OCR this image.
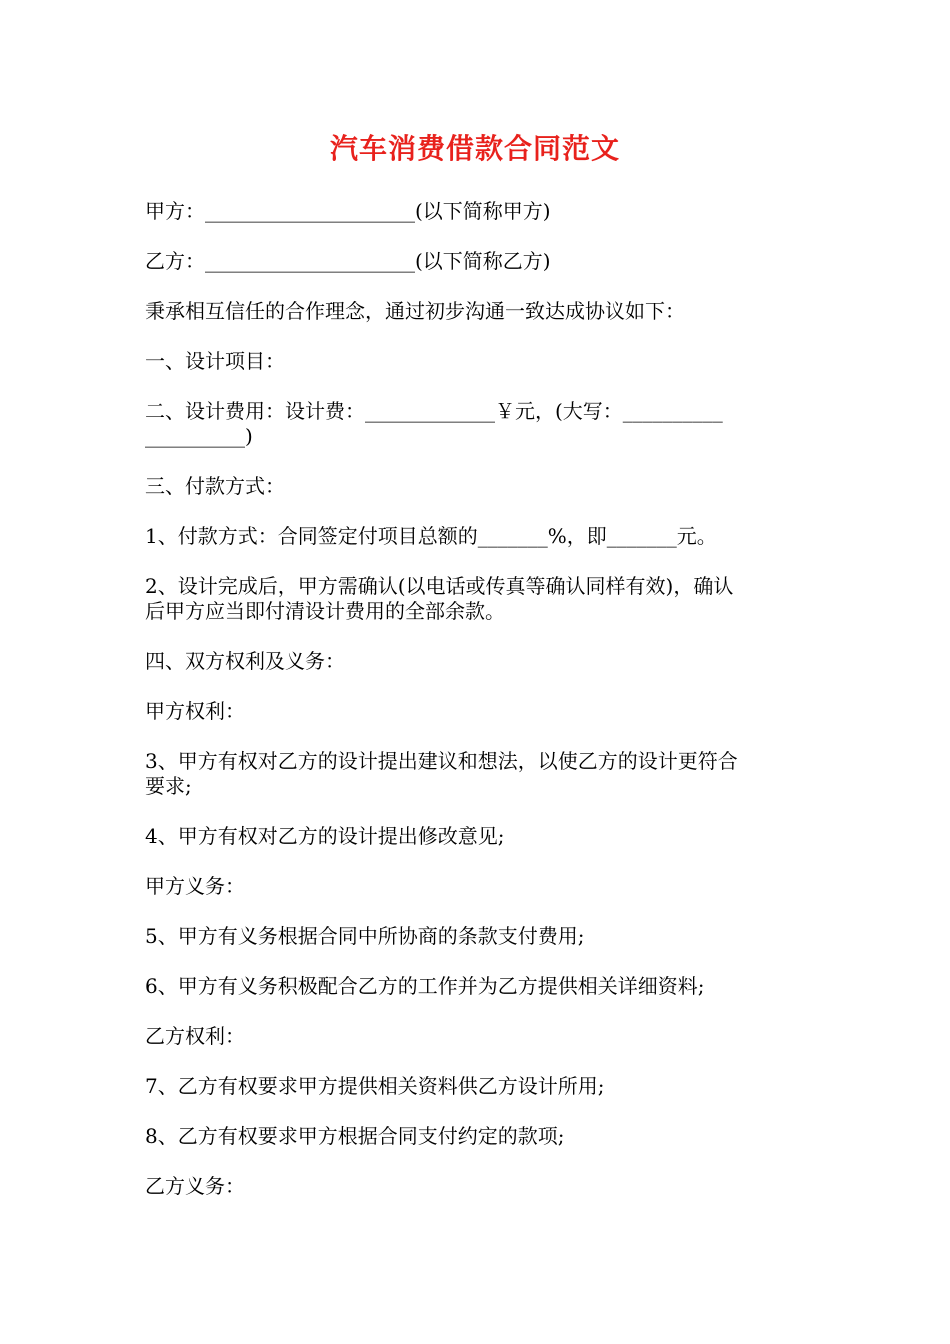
汽车消费借款合同范文
甲方：_____________________(以下简称甲方)
乙方：_____________________(以下简称乙方)
秉承相互信任的合作理念，通过初步沟通一致达成协议如下：
一、设计项目：
二、设计费用：设计费：_____________￥元，(大写：__________
__________)
三、付款方式：
1、付款方式：合同签定付项目总额的_______%，即_______元。
2、设计完成后，甲方需确认(以电话或传真等确认同样有效)，确认
后甲方应当即付清设计费用的全部余款。
四、双方权利及义务：
甲方权利：
3、甲方有权对乙方的设计提出建议和想法，以使乙方的设计更符合
要求;
4、甲方有权对乙方的设计提出修改意见;
甲方义务：
5、甲方有义务根据合同中所协商的条款支付费用;
6、甲方有义务积极配合乙方的工作并为乙方提供相关详细资料;
乙方权利：
7、乙方有权要求甲方提供相关资料供乙方设计所用;
8、乙方有权要求甲方根据合同支付约定的款项;
乙方义务：
